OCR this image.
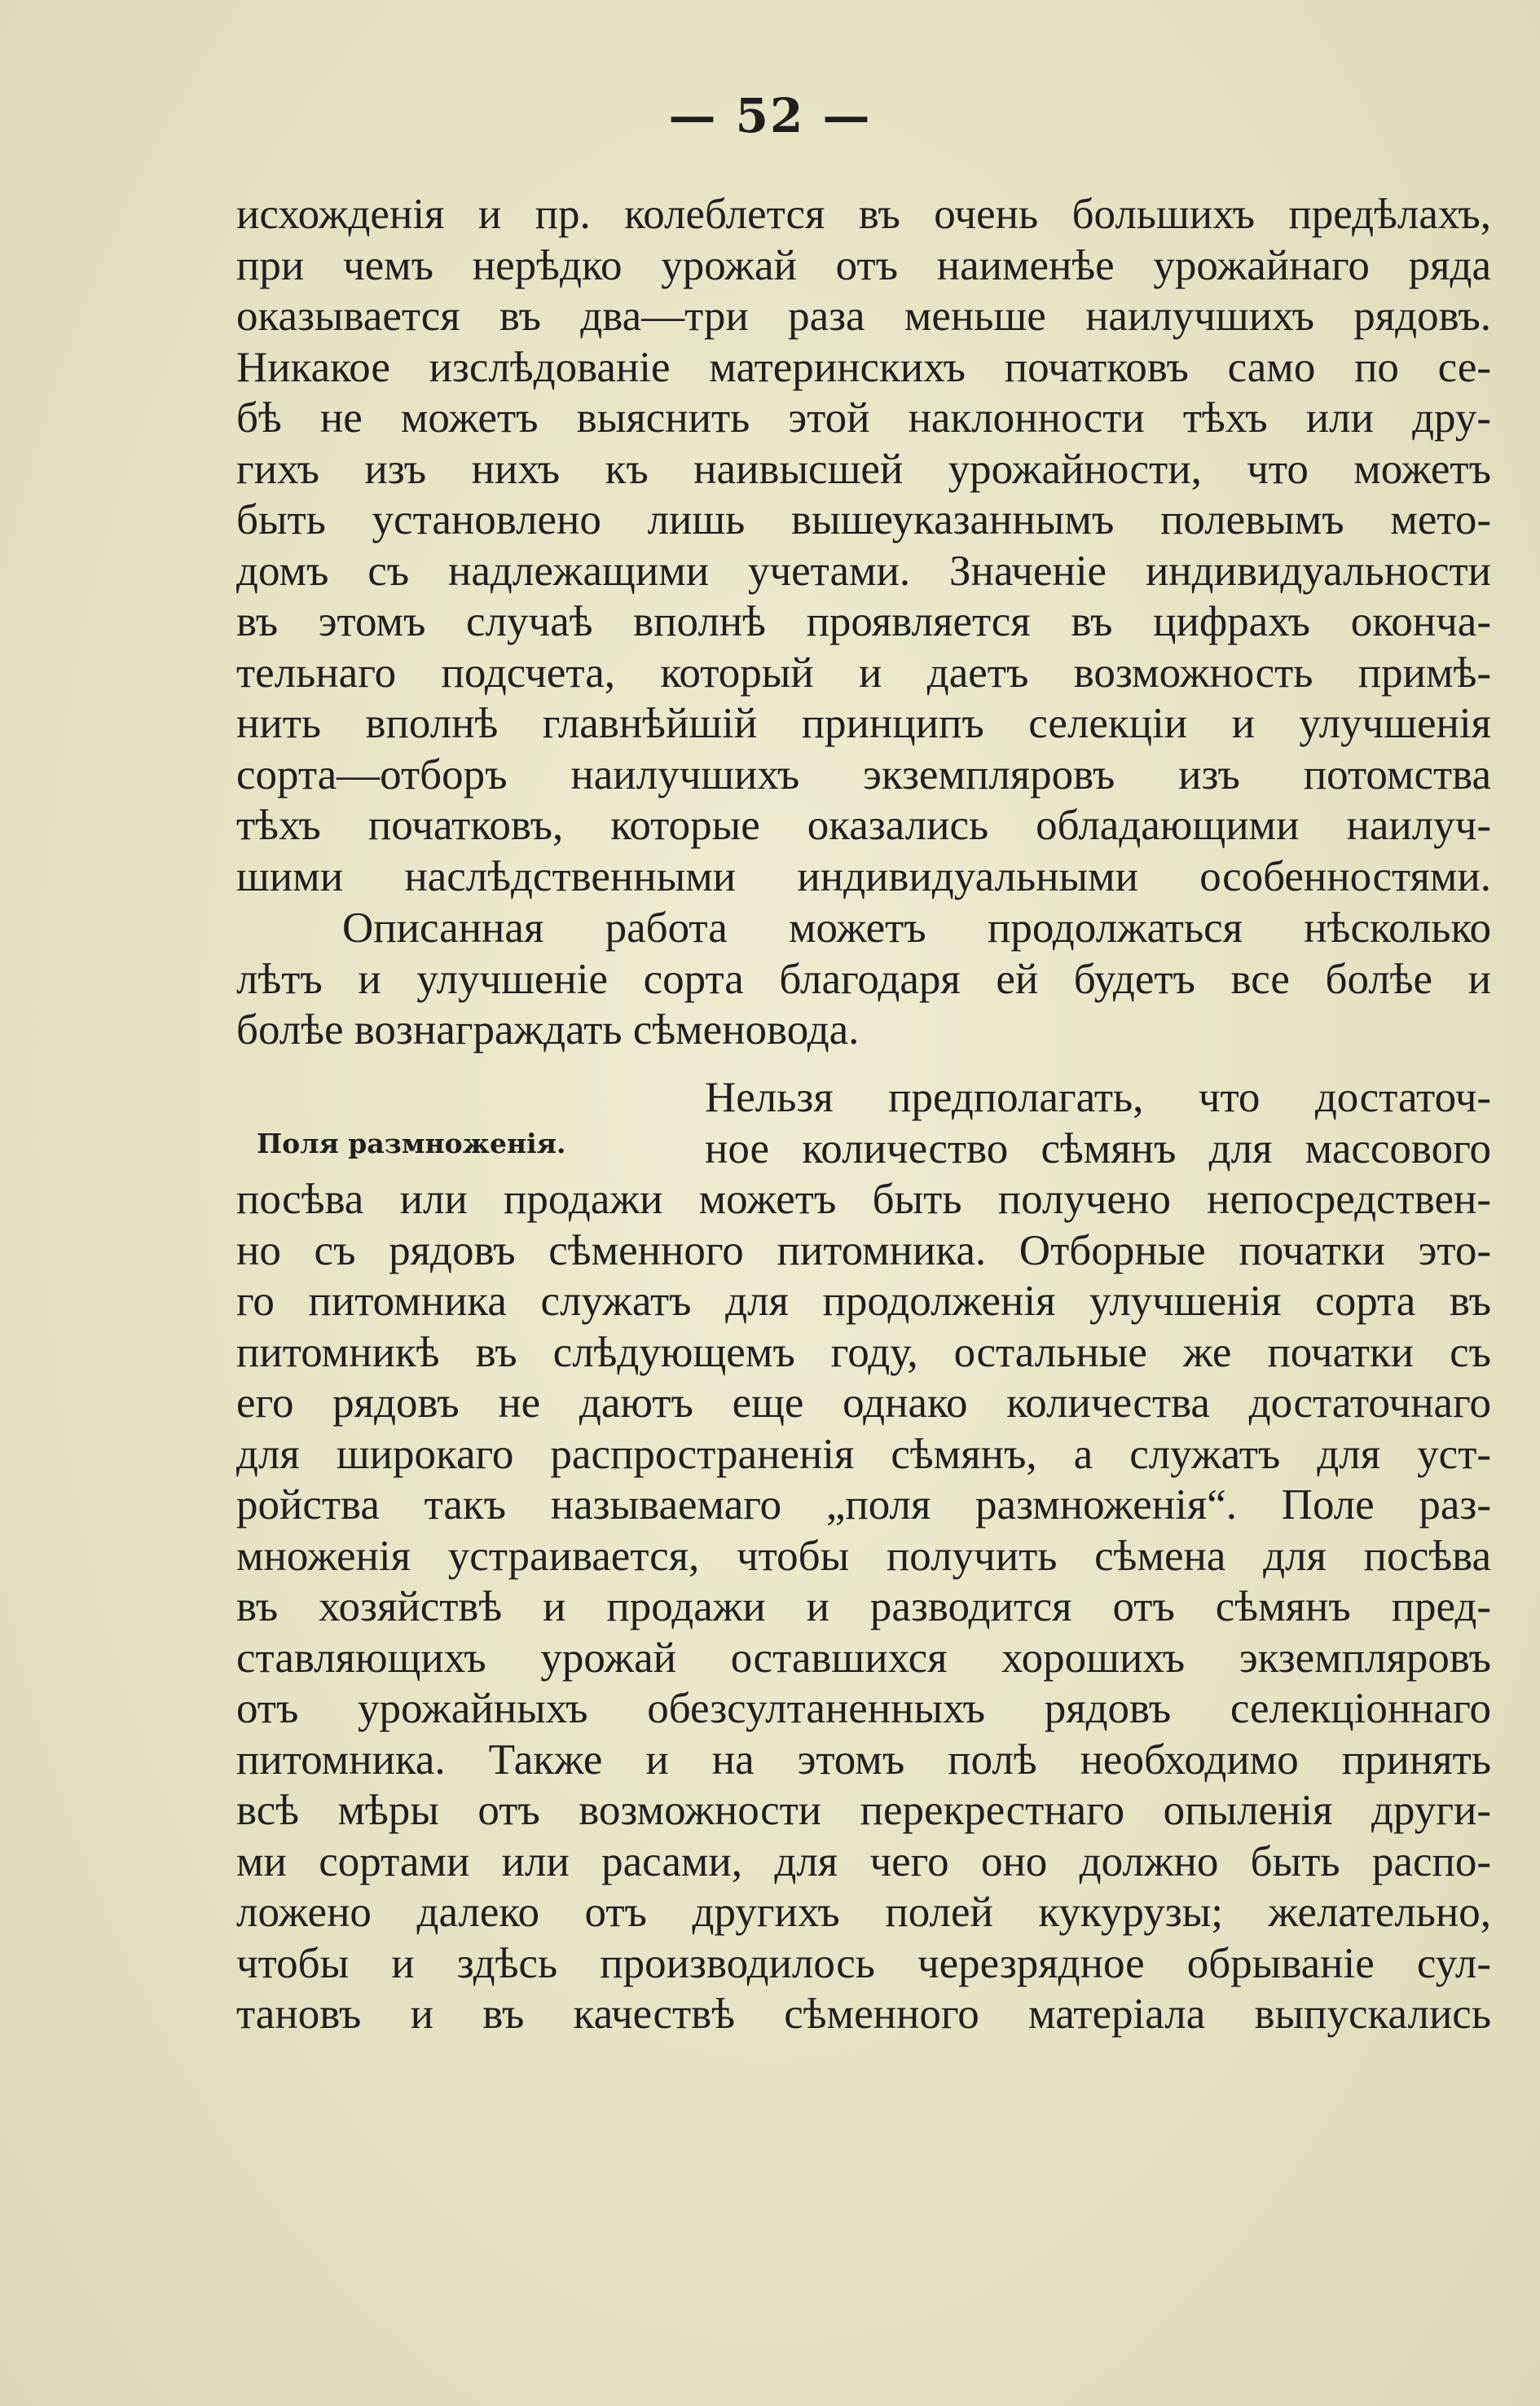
— 52 —
исхожденія и пр. колеблется въ очень большихъ предѣлахъ,
при чемъ нерѣдко урожай отъ наименѣе урожайнаго ряда
оказывается въ два—три раза меньше наилучшихъ рядовъ.
Никакое изслѣдованіе материнскихъ початковъ само по се-
бѣ не можетъ выяснить этой наклонности тѣхъ или дру-
гихъ изъ нихъ къ наивысшей урожайности, что можетъ
быть установлено лишь вышеуказаннымъ полевымъ мето-
домъ съ надлежащими учетами. Значеніе индивидуальности
въ этомъ случаѣ вполнѣ проявляется въ цифрахъ оконча-
тельнаго подсчета, который и даетъ возможность примѣ-
нить вполнѣ главнѣйшій принципъ селекціи и улучшенія
сорта—отборъ наилучшихъ экземпляровъ изъ потомства
тѣхъ початковъ, которые оказались обладающими наилуч-
шими наслѣдственными индивидуальными особенностями.
Описанная работа можетъ продолжаться нѣсколько
лѣтъ и улучшеніе сорта благодаря ей будетъ все болѣе и
болѣе вознаграждать сѣменовода.
Поля размноженія.
Нельзя предполагать, что достаточ-
ное количество сѣмянъ для массового
посѣва или продажи можетъ быть получено непосредствен-
но съ рядовъ сѣменного питомника. Отборные початки это-
го питомника служатъ для продолженія улучшенія сорта въ
питомникѣ въ слѣдующемъ году, остальные же початки съ
его рядовъ не даютъ еще однако количества достаточнаго
для широкаго распространенія сѣмянъ, а служатъ для уст-
ройства такъ называемаго „поля размноженія“. Поле раз-
множенія устраивается, чтобы получить сѣмена для посѣва
въ хозяйствѣ и продажи и разводится отъ сѣмянъ пред-
ставляющихъ урожай оставшихся хорошихъ экземпляровъ
отъ урожайныхъ обезсултаненныхъ рядовъ селекціоннаго
питомника. Также и на этомъ полѣ необходимо принять
всѣ мѣры отъ возможности перекрестнаго опыленія други-
ми сортами или расами, для чего оно должно быть распо-
ложено далеко отъ другихъ полей кукурузы; желательно,
чтобы и здѣсь производилось черезрядное обрываніе сул-
тановъ и въ качествѣ сѣменного матеріала выпускались
